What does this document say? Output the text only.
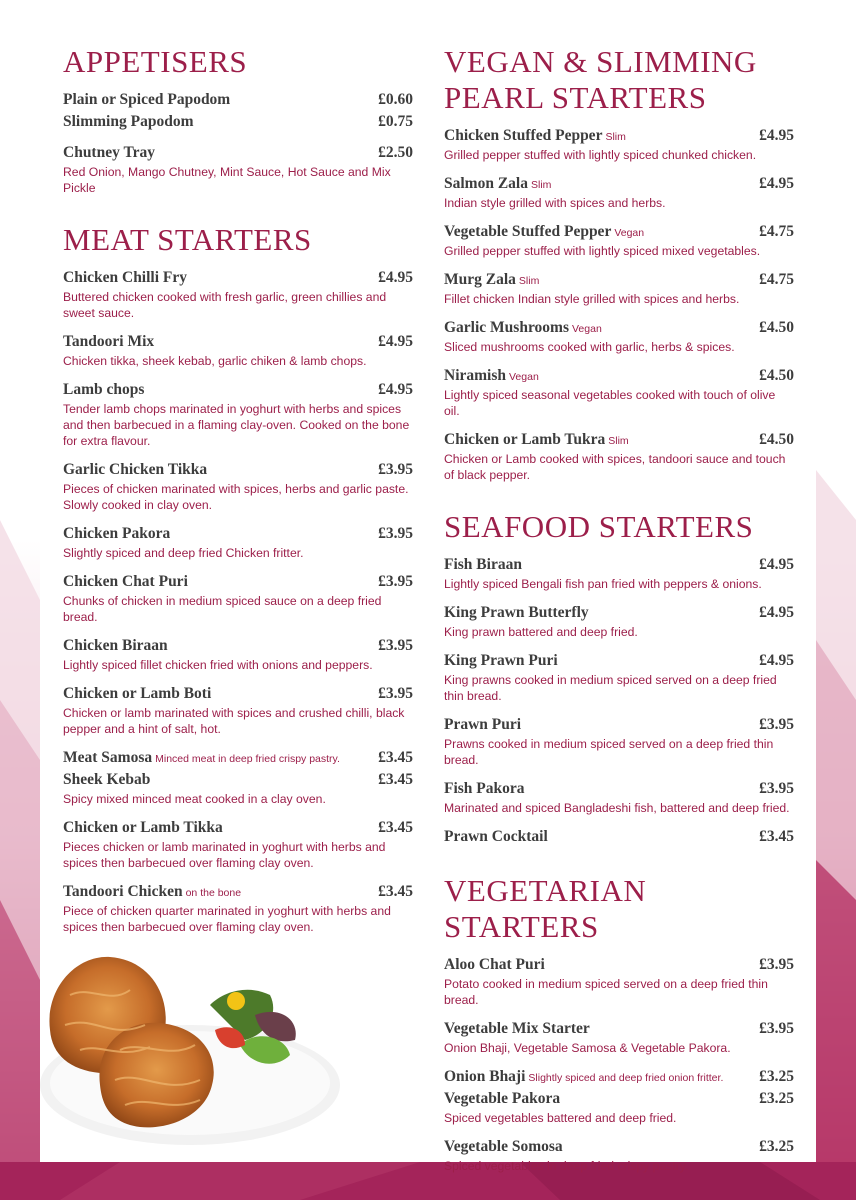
APPETISERS
Plain or Spiced Papodom	£0.60
Slimming Papodom	£0.75
Chutney Tray	£2.50
Red Onion, Mango Chutney, Mint Sauce, Hot Sauce and Mix Pickle
MEAT STARTERS
Chicken Chilli Fry	£4.95
Buttered chicken cooked with fresh garlic, green chillies and sweet sauce.
Tandoori Mix	£4.95
Chicken tikka, sheek kebab, garlic chiken & lamb chops.
Lamb chops	£4.95
Tender lamb chops marinated in yoghurt with herbs and spices and then barbecued in a flaming clay-oven. Cooked on the bone for extra flavour.
Garlic Chicken Tikka	£3.95
Pieces of chicken marinated with spices, herbs and garlic paste. Slowly cooked in clay oven.
Chicken Pakora	£3.95
Slightly spiced and deep fried Chicken fritter.
Chicken Chat Puri	£3.95
Chunks of chicken in medium spiced sauce on a deep fried bread.
Chicken Biraan	£3.95
Lightly spiced fillet chicken fried with onions and peppers.
Chicken or Lamb Boti	£3.95
Chicken or lamb marinated with spices and crushed chilli, black pepper and a hint of salt, hot.
Meat Samosa Minced meat in deep fried crispy pastry. £3.45
Sheek Kebab	£3.45
Spicy mixed minced meat cooked in a clay oven.
Chicken or Lamb Tikka	£3.45
Pieces chicken or lamb marinated in yoghurt with herbs and spices then barbecued over flaming clay oven.
Tandoori Chicken on the bone	£3.45
Piece of chicken quarter marinated in yoghurt with herbs and spices then barbecued over flaming clay oven.
VEGAN & SLIMMING PEARL STARTERS
Chicken Stuffed Pepper Slim	£4.95
Grilled pepper stuffed with lightly spiced chunked chicken.
Salmon Zala Slim	£4.95
Indian style grilled with spices and herbs.
Vegetable Stuffed Pepper Vegan	£4.75
Grilled pepper stuffed with lightly spiced mixed vegetables.
Murg Zala Slim	£4.75
Fillet chicken Indian style grilled with spices and herbs.
Garlic Mushrooms Vegan	£4.50
Sliced mushrooms cooked with garlic, herbs & spices.
Niramish Vegan	£4.50
Lightly spiced seasonal vegetables cooked with touch of olive oil.
Chicken or Lamb Tukra Slim	£4.50
Chicken or Lamb cooked with spices, tandoori sauce and touch of black pepper.
SEAFOOD STARTERS
Fish Biraan	£4.95
Lightly spiced Bengali fish pan fried with peppers & onions.
King Prawn Butterfly	£4.95
King prawn battered and deep fried.
King Prawn Puri	£4.95
King prawns cooked in medium spiced served on a deep fried thin bread.
Prawn Puri	£3.95
Prawns cooked in medium spiced served on a deep fried thin bread.
Fish Pakora	£3.95
Marinated and spiced Bangladeshi fish, battered and deep fried.
Prawn Cocktail	£3.45
VEGETARIAN STARTERS
Aloo Chat Puri	£3.95
Potato cooked in medium spiced served on a deep fried thin bread.
Vegetable Mix Starter	£3.95
Onion Bhaji, Vegetable Samosa & Vegetable Pakora.
Onion Bhaji Slightly spiced and deep fried onion fritter. £3.25
Vegetable Pakora	£3.25
Spiced vegetables battered and deep fried.
Vegetable Somosa	£3.25
Spiced vegetables in deep fried crispy pastry.
